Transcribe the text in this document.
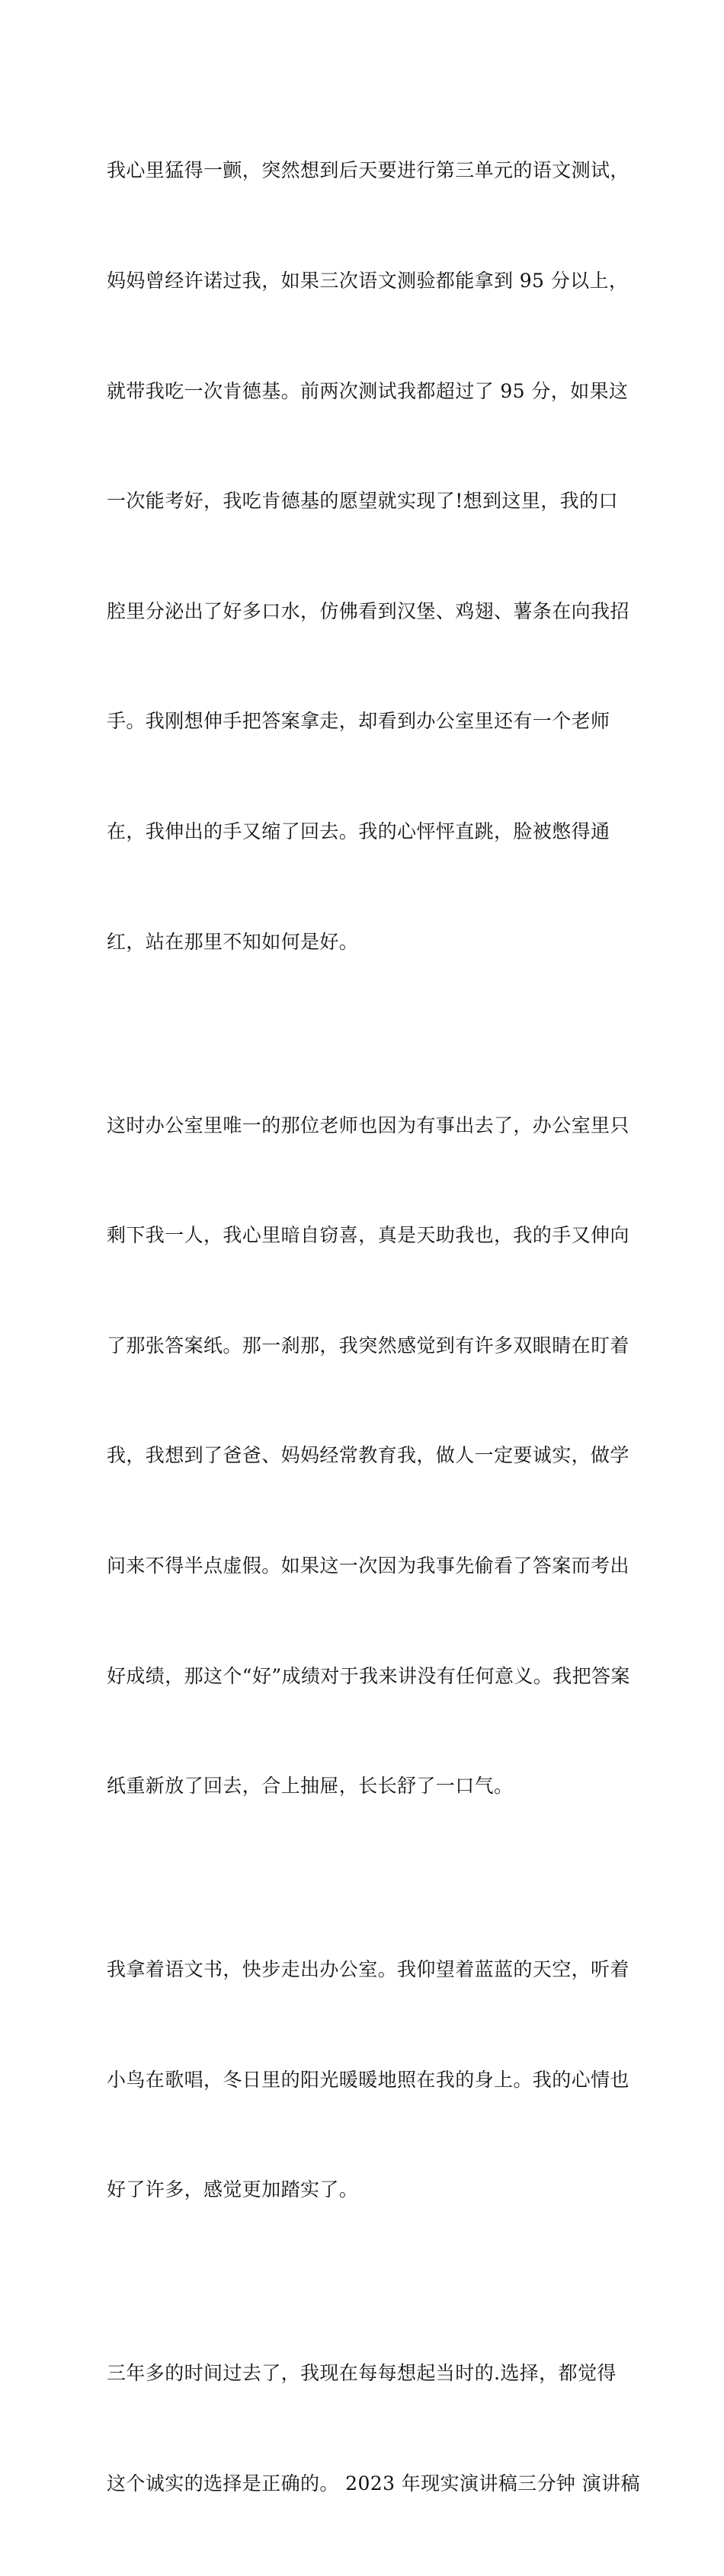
我心里猛得一颤，突然想到后天要进行第三单元的语文测试，

妈妈曾经许诺过我，如果三次语文测验都能拿到 95 分以上，

就带我吃一次肯德基。前两次测试我都超过了 95 分，如果这

一次能考好，我吃肯德基的愿望就实现了!想到这里，我的口

腔里分泌出了好多口水，仿佛看到汉堡、鸡翅、薯条在向我招

手。我刚想伸手把答案拿走，却看到办公室里还有一个老师

在，我伸出的手又缩了回去。我的心怦怦直跳，脸被憋得通

红，站在那里不知如何是好。

这时办公室里唯一的那位老师也因为有事出去了，办公室里只

剩下我一人，我心里暗自窃喜，真是天助我也，我的手又伸向

了那张答案纸。那一刹那，我突然感觉到有许多双眼睛在盯着

我，我想到了爸爸、妈妈经常教育我，做人一定要诚实，做学

问来不得半点虚假。如果这一次因为我事先偷看了答案而考出

好成绩，那这个“好”成绩对于我来讲没有任何意义。我把答案

纸重新放了回去，合上抽屉，长长舒了一口气。

我拿着语文书，快步走出办公室。我仰望着蓝蓝的天空，听着

小鸟在歌唱，冬日里的阳光暖暖地照在我的身上。我的心情也

好了许多，感觉更加踏实了。

三年多的时间过去了，我现在每每想起当时的.选择，都觉得

这个诚实的选择是正确的。 2023 年现实演讲稿三分钟 演讲稿
